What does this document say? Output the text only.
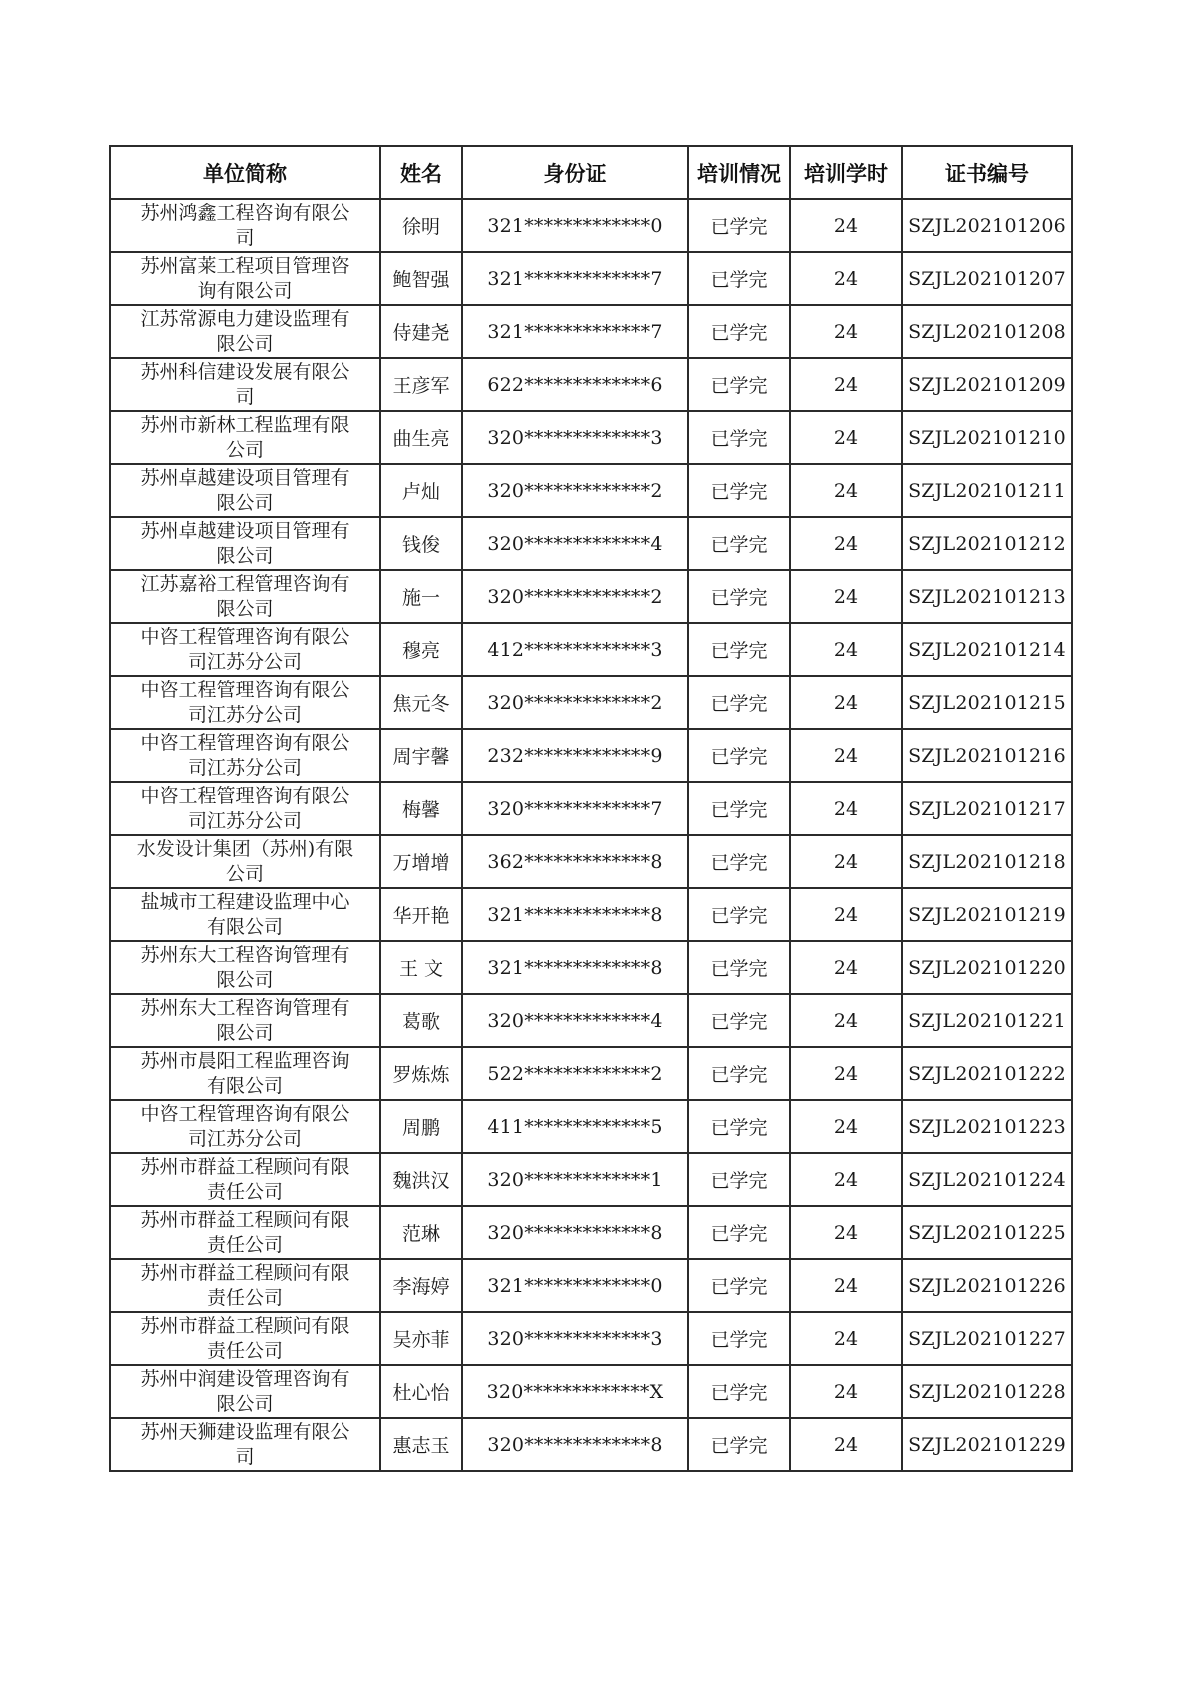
单位简称	姓名	身份证	培训情况	培训学时	证书编号

苏州鸿鑫工程咨询有限公
司	徐明	321*************0	已学完	24	SZJL202101206

苏州富莱工程项目管理咨
询有限公司	鲍智强	321*************7	已学完	24	SZJL202101207

江苏常源电力建设监理有
限公司	侍建尧	321*************7	已学完	24	SZJL202101208

苏州科信建设发展有限公
司	王彦军	622*************6	已学完	24	SZJL202101209

苏州市新林工程监理有限
公司	曲生亮	320*************3	已学完	24	SZJL202101210

苏州卓越建设项目管理有
限公司	卢灿	320*************2	已学完	24	SZJL202101211

苏州卓越建设项目管理有
限公司	钱俊	320*************4	已学完	24	SZJL202101212

江苏嘉裕工程管理咨询有
限公司	施一	320*************2	已学完	24	SZJL202101213

中咨工程管理咨询有限公
司江苏分公司	穆亮	412*************3	已学完	24	SZJL202101214

中咨工程管理咨询有限公
司江苏分公司	焦元冬	320*************2	已学完	24	SZJL202101215

中咨工程管理咨询有限公
司江苏分公司	周宇馨	232*************9	已学完	24	SZJL202101216

中咨工程管理咨询有限公
司江苏分公司	梅馨	320*************7	已学完	24	SZJL202101217

水发设计集团（苏州)有限
公司	万增增	362*************8	已学完	24	SZJL202101218

盐城市工程建设监理中心
有限公司	华开艳	321*************8	已学完	24	SZJL202101219

苏州东大工程咨询管理有
限公司	王 文	321*************8	已学完	24	SZJL202101220

苏州东大工程咨询管理有
限公司	葛歌	320*************4	已学完	24	SZJL202101221

苏州市晨阳工程监理咨询
有限公司	罗炼炼	522*************2	已学完	24	SZJL202101222

中咨工程管理咨询有限公
司江苏分公司	周鹏	411*************5	已学完	24	SZJL202101223

苏州市群益工程顾问有限
责任公司	魏洪汉	320*************1	已学完	24	SZJL202101224

苏州市群益工程顾问有限
责任公司	范琳	320*************8	已学完	24	SZJL202101225

苏州市群益工程顾问有限
责任公司	李海婷	321*************0	已学完	24	SZJL202101226

苏州市群益工程顾问有限
责任公司	吴亦菲	320*************3	已学完	24	SZJL202101227

苏州中润建设管理咨询有
限公司	杜心怡	320*************X	已学完	24	SZJL202101228

苏州天狮建设监理有限公
司	惠志玉	320*************8	已学完	24	SZJL202101229
